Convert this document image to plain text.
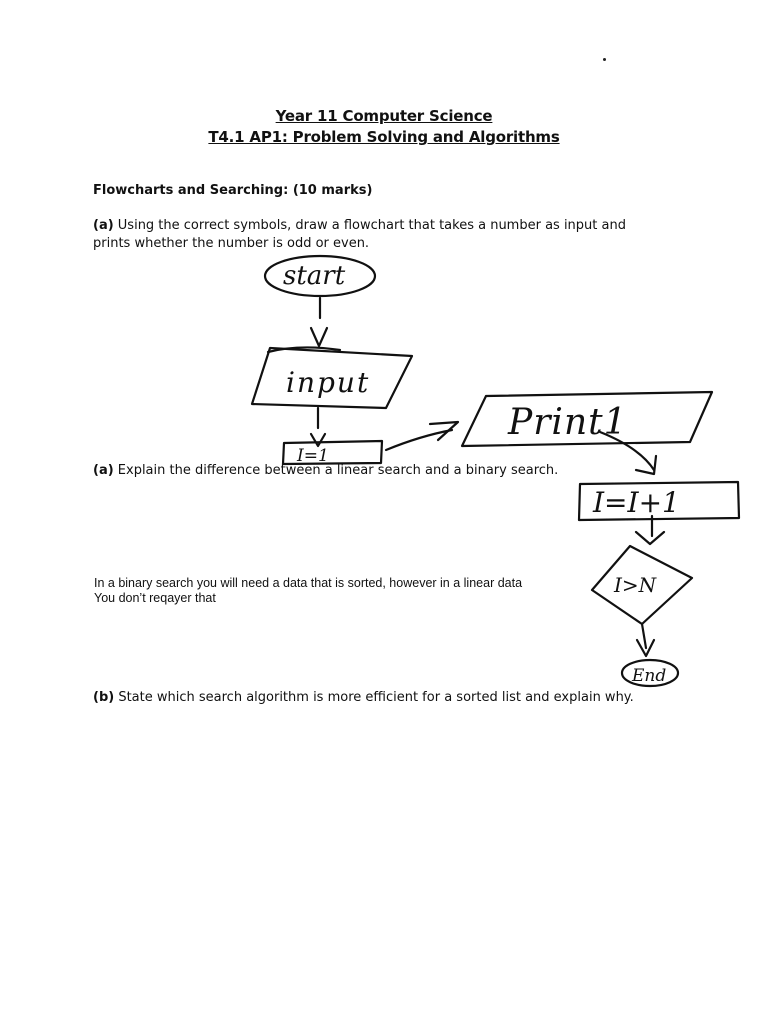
Year 11 Computer Science
T4.1 AP1: Problem Solving and Algorithms
Flowcharts and Searching: (10 marks)
(a) Using the correct symbols, draw a flowchart that takes a number as input and prints whether the number is odd or even.
start
input
I=1
Print1
I=I+1
I>N
End
(a) Explain the difference between a linear search and a binary search.
In a binary search you will need a data that is sorted, however in a linear data
You don’t reqayer that
(b) State which search algorithm is more efficient for a sorted list and explain why.
